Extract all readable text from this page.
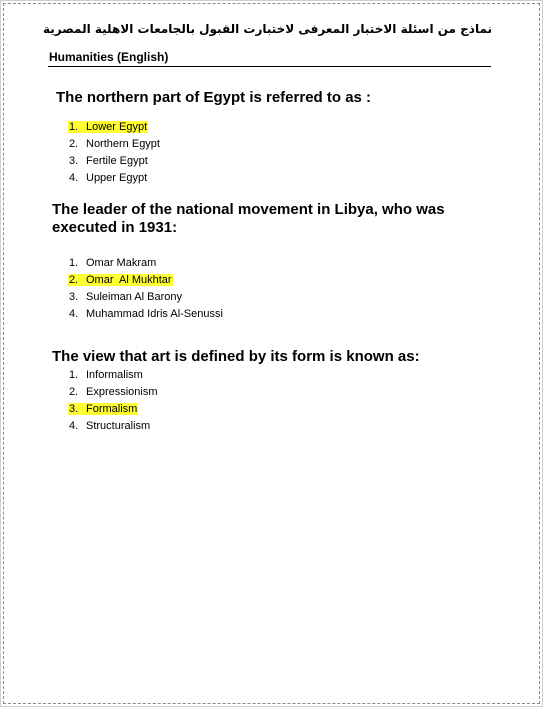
نماذج من اسئلة الاختبار المعرفى لاختبارت القبول بالجامعات الاهلية المصرية
Humanities (English)
The northern part of Egypt is referred to as :
1. Lower Egypt
2. Northern Egypt
3. Fertile Egypt
4. Upper Egypt
The leader of the national movement in Libya, who was executed in 1931:
1. Omar Makram
2. Omar  Al Mukhtar
3. Suleiman Al Barony
4. Muhammad Idris Al-Senussi
The view that art is defined by its form is known as:
1. Informalism
2. Expressionism
3. Formalism
4. Structuralism
